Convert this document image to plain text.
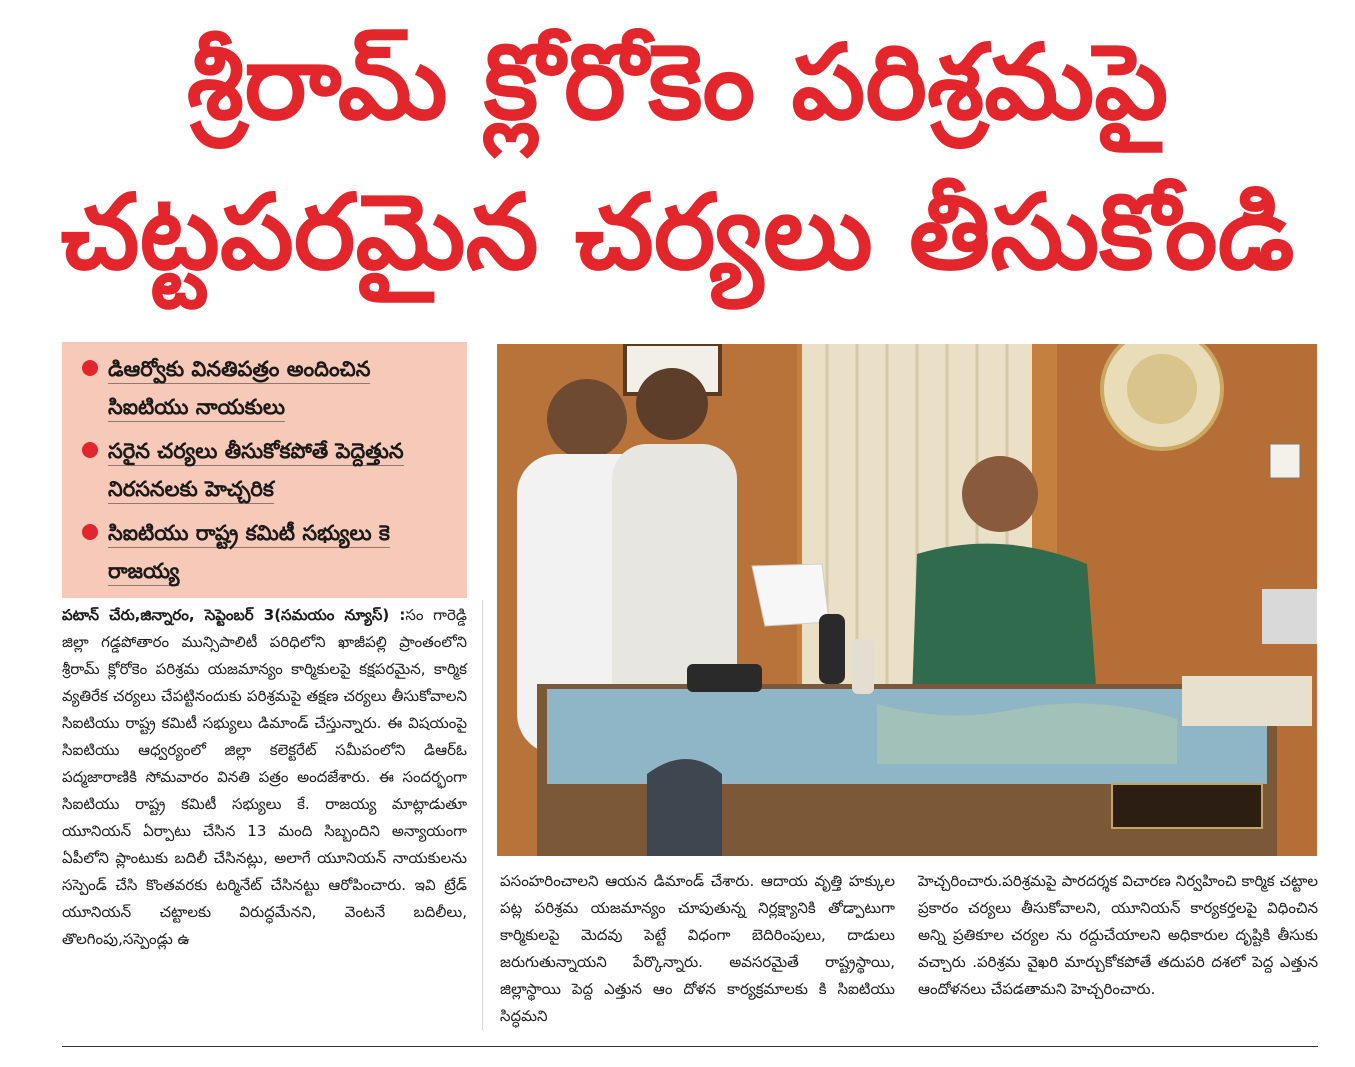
శ్రీరామ్ క్లోరోకెం పరిశ్రమపై
చట్టపరమైన చర్యలు తీసుకోండి
డిఆర్వోకు వినతిపత్రం అందించిన
సిఐటియు నాయకులు
సరైన చర్యలు తీసుకోకపోతే పెద్దెత్తున
నిరసనలకు హెచ్చరిక
సిఐటియు రాష్ట్ర కమిటీ సభ్యులు కె
రాజయ్య
పటాన్ చేరు,జిన్నారం, సెప్టెంబర్ 3(సమయం న్యూస్) :సం గారెడ్డి జిల్లా గడ్డపోతారం మున్సిపాలిటీ పరిధిలోని ఖాజీపల్లి ప్రాంతంలోని శ్రీరామ్ క్లోరోకెం పరిశ్రమ యజమాన్యం కార్మికులపై కక్షపరమైన, కార్మిక వ్యతిరేక చర్యలు చేపట్టినందుకు పరిశ్రమపై తక్షణ చర్యలు తీసుకోవాలని సిఐటియు రాష్ట్ర కమిటీ సభ్యులు డిమాండ్ చేస్తున్నారు. ఈ విషయంపై సిఐటియు ఆధ్వర్యంలో జిల్లా కలెక్టరేట్ సమీపంలోని డిఆర్ఓ పద్మజారాణికి సోమవారం వినతి పత్రం అందజేశారు. ఈ సందర్భంగా సిఐటియు రాష్ట్ర కమిటీ సభ్యులు కే. రాజయ్య మాట్లాడుతూ యూనియన్ ఏర్పాటు చేసిన 13 మంది సిబ్బందిని అన్యాయంగా ఏపీలోని ప్లాంటుకు బదిలీ చేసినట్లు, అలాగే యూనియన్ నాయకులను సస్పెండ్ చేసి కొంతవరకు టర్మినేట్ చేసినట్టు ఆరోపించారు. ఇవి ట్రేడ్ యూనియన్ చట్టాలకు విరుద్ధమేనని, వెంటనే బదిలీలు, తొలగింపు,సస్పెండ్లు ఉ
పసంహరించాలని ఆయన డిమాండ్ చేశారు. ఆదాయ వృత్తి హక్కుల పట్ల పరిశ్రమ యజమాన్యం చూపుతున్న నిర్లక్ష్యానికి తోడ్పాటుగా కార్మికులపై మెదవు పెట్టే విధంగా బెదిరింపులు, దాడులు జరుగుతున్నాయని పేర్కొన్నారు. అవసరమైతే రాష్ట్రస్థాయి, జిల్లాస్థాయి పెద్ద ఎత్తున ఆం దోళన కార్యక్రమాలకు కి సిఐటియు సిద్ధమని
హెచ్చరించారు.పరిశ్రమపై పారదర్శక విచారణ నిర్వహించి కార్మిక చట్టాల ప్రకారం చర్యలు తీసుకోవాలని, యూనియన్ కార్యకర్తలపై విధించిన అన్ని ప్రతికూల చర్యల ను రద్దుచేయాలని అధికారుల దృష్టికి తీసుకు వచ్చారు .పరిశ్రమ వైఖరి మార్చుకోకపోతే తదుపరి దశలో పెద్ద ఎత్తున ఆందోళనలు చేపడతామని హెచ్చరించారు.
